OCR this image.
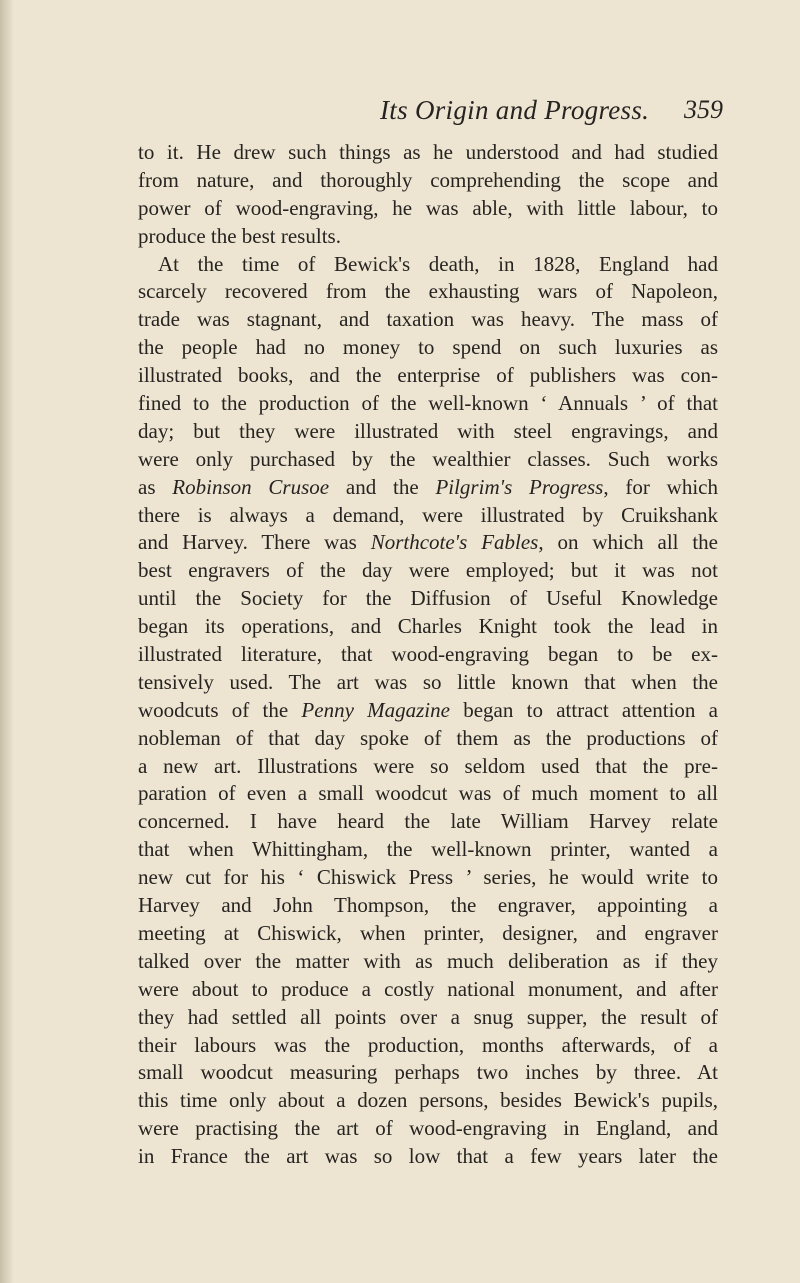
Its Origin and Progress. 359
to it. He drew such things as he understood and had studied
from nature, and thoroughly comprehending the scope and
power of wood-engraving, he was able, with little labour, to
produce the best results.
At the time of Bewick's death, in 1828, England had
scarcely recovered from the exhausting wars of Napoleon,
trade was stagnant, and taxation was heavy. The mass of
the people had no money to spend on such luxuries as
illustrated books, and the enterprise of publishers was con-
fined to the production of the well-known ‘ Annuals ’ of that
day; but they were illustrated with steel engravings, and
were only purchased by the wealthier classes. Such works
as Robinson Crusoe and the Pilgrim's Progress, for which
there is always a demand, were illustrated by Cruikshank
and Harvey. There was Northcote's Fables, on which all the
best engravers of the day were employed; but it was not
until the Society for the Diffusion of Useful Knowledge
began its operations, and Charles Knight took the lead in
illustrated literature, that wood-engraving began to be ex-
tensively used. The art was so little known that when the
woodcuts of the Penny Magazine began to attract attention a
nobleman of that day spoke of them as the productions of
a new art. Illustrations were so seldom used that the pre-
paration of even a small woodcut was of much moment to all
concerned. I have heard the late William Harvey relate
that when Whittingham, the well-known printer, wanted a
new cut for his ‘ Chiswick Press ’ series, he would write to
Harvey and John Thompson, the engraver, appointing a
meeting at Chiswick, when printer, designer, and engraver
talked over the matter with as much deliberation as if they
were about to produce a costly national monument, and after
they had settled all points over a snug supper, the result of
their labours was the production, months afterwards, of a
small woodcut measuring perhaps two inches by three. At
this time only about a dozen persons, besides Bewick's pupils,
were practising the art of wood-engraving in England, and
in France the art was so low that a few years later the
